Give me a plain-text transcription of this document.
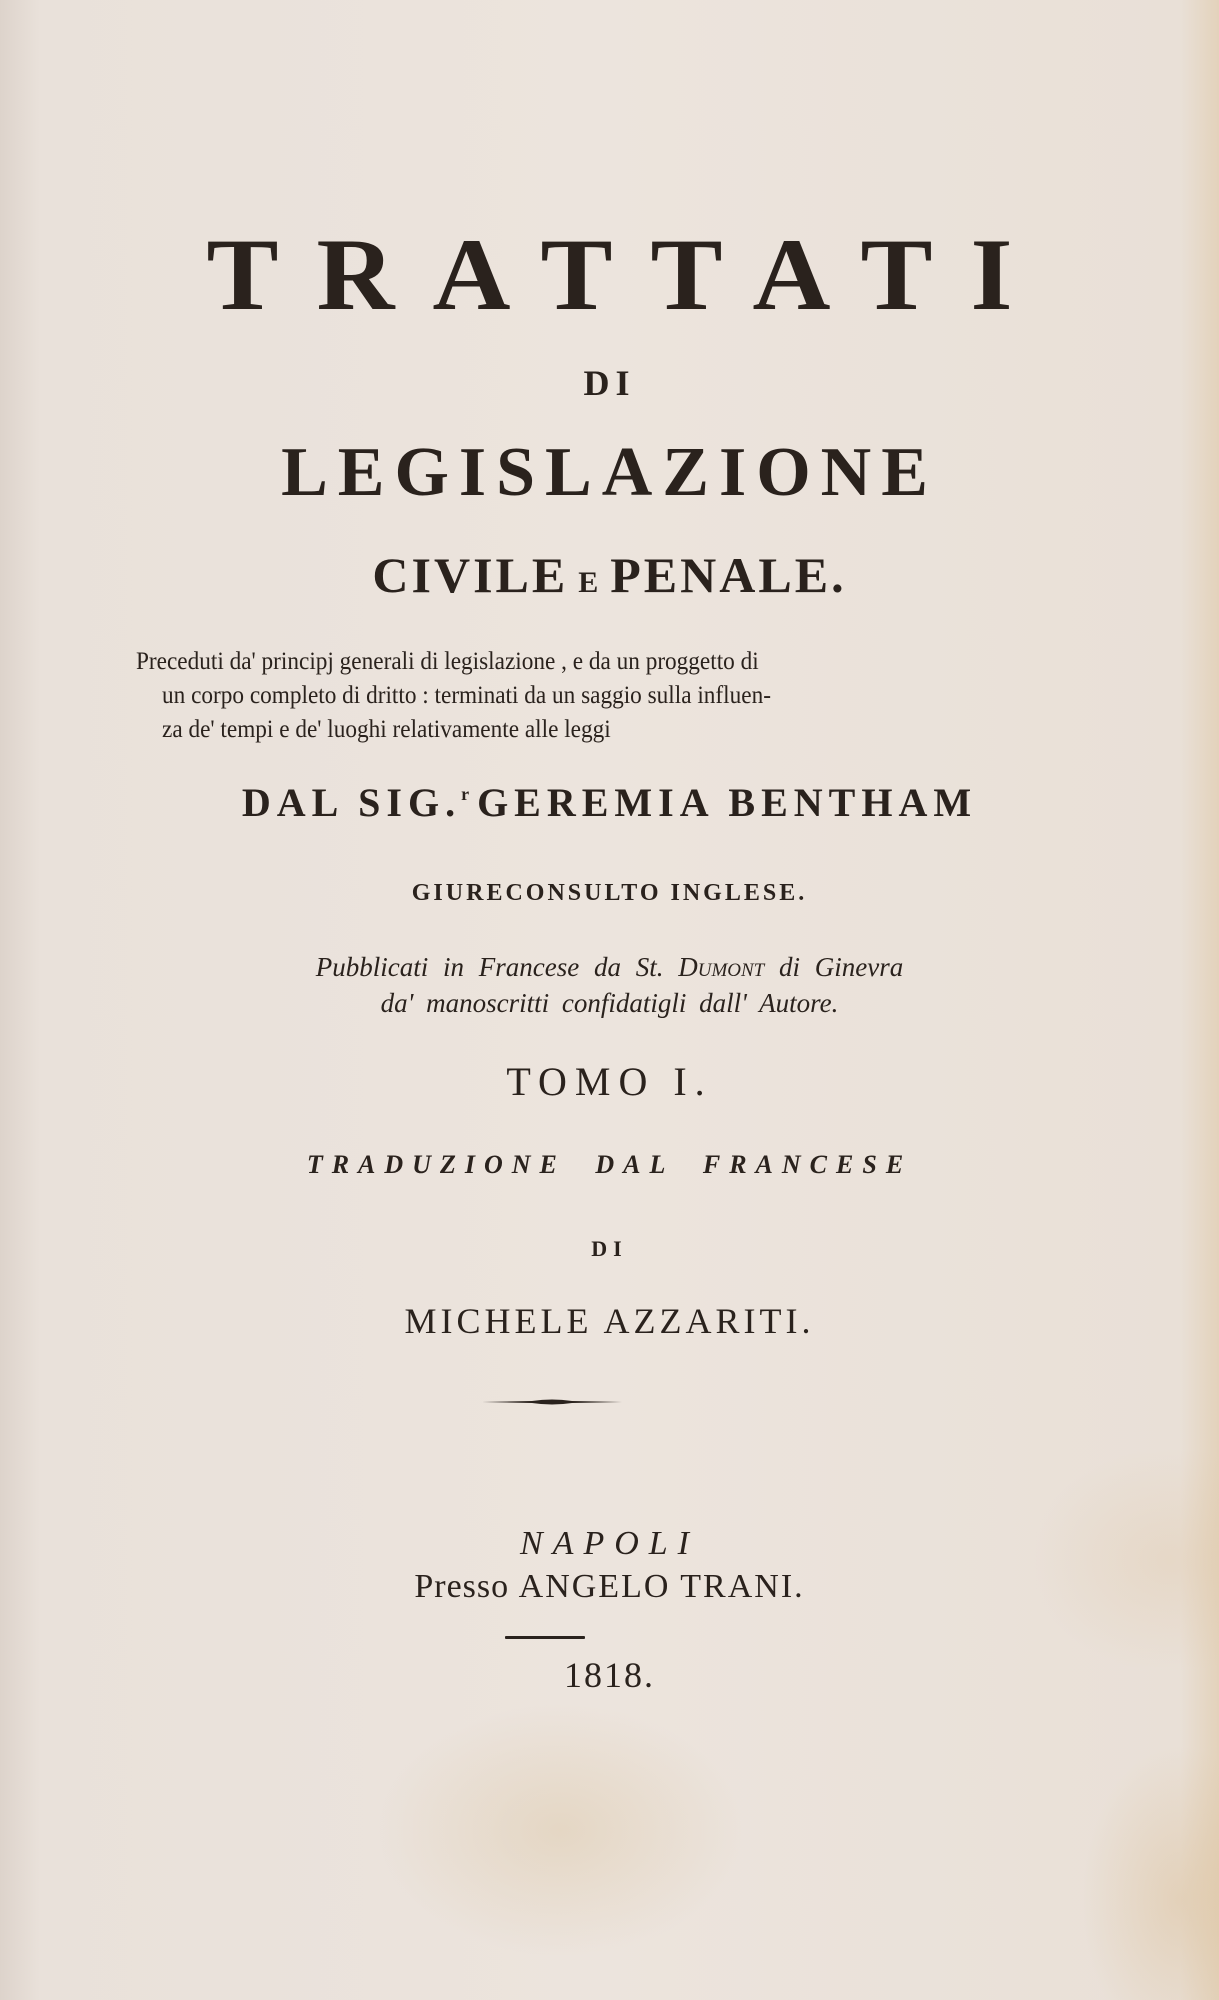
TRATTATI
DI
LEGISLAZIONE
CIVILE E PENALE.
Preceduti da' principj generali di legislazione , e da un proggetto di
un corpo completo di dritto : terminati da un saggio sulla influen-
za de' tempi e de' luoghi relativamente alle leggi
DAL SIG.$^r$ GEREMIA BENTHAM
GIURECONSULTO INGLESE.
Pubblicati in Francese da St. Dumont di Ginevra
da' manoscritti confidatigli dall' Autore.
TOMO I.
TRADUZIONE DAL FRANCESE
DI
MICHELE AZZARITI.
NAPOLI
Presso ANGELO TRANI.
1818.
